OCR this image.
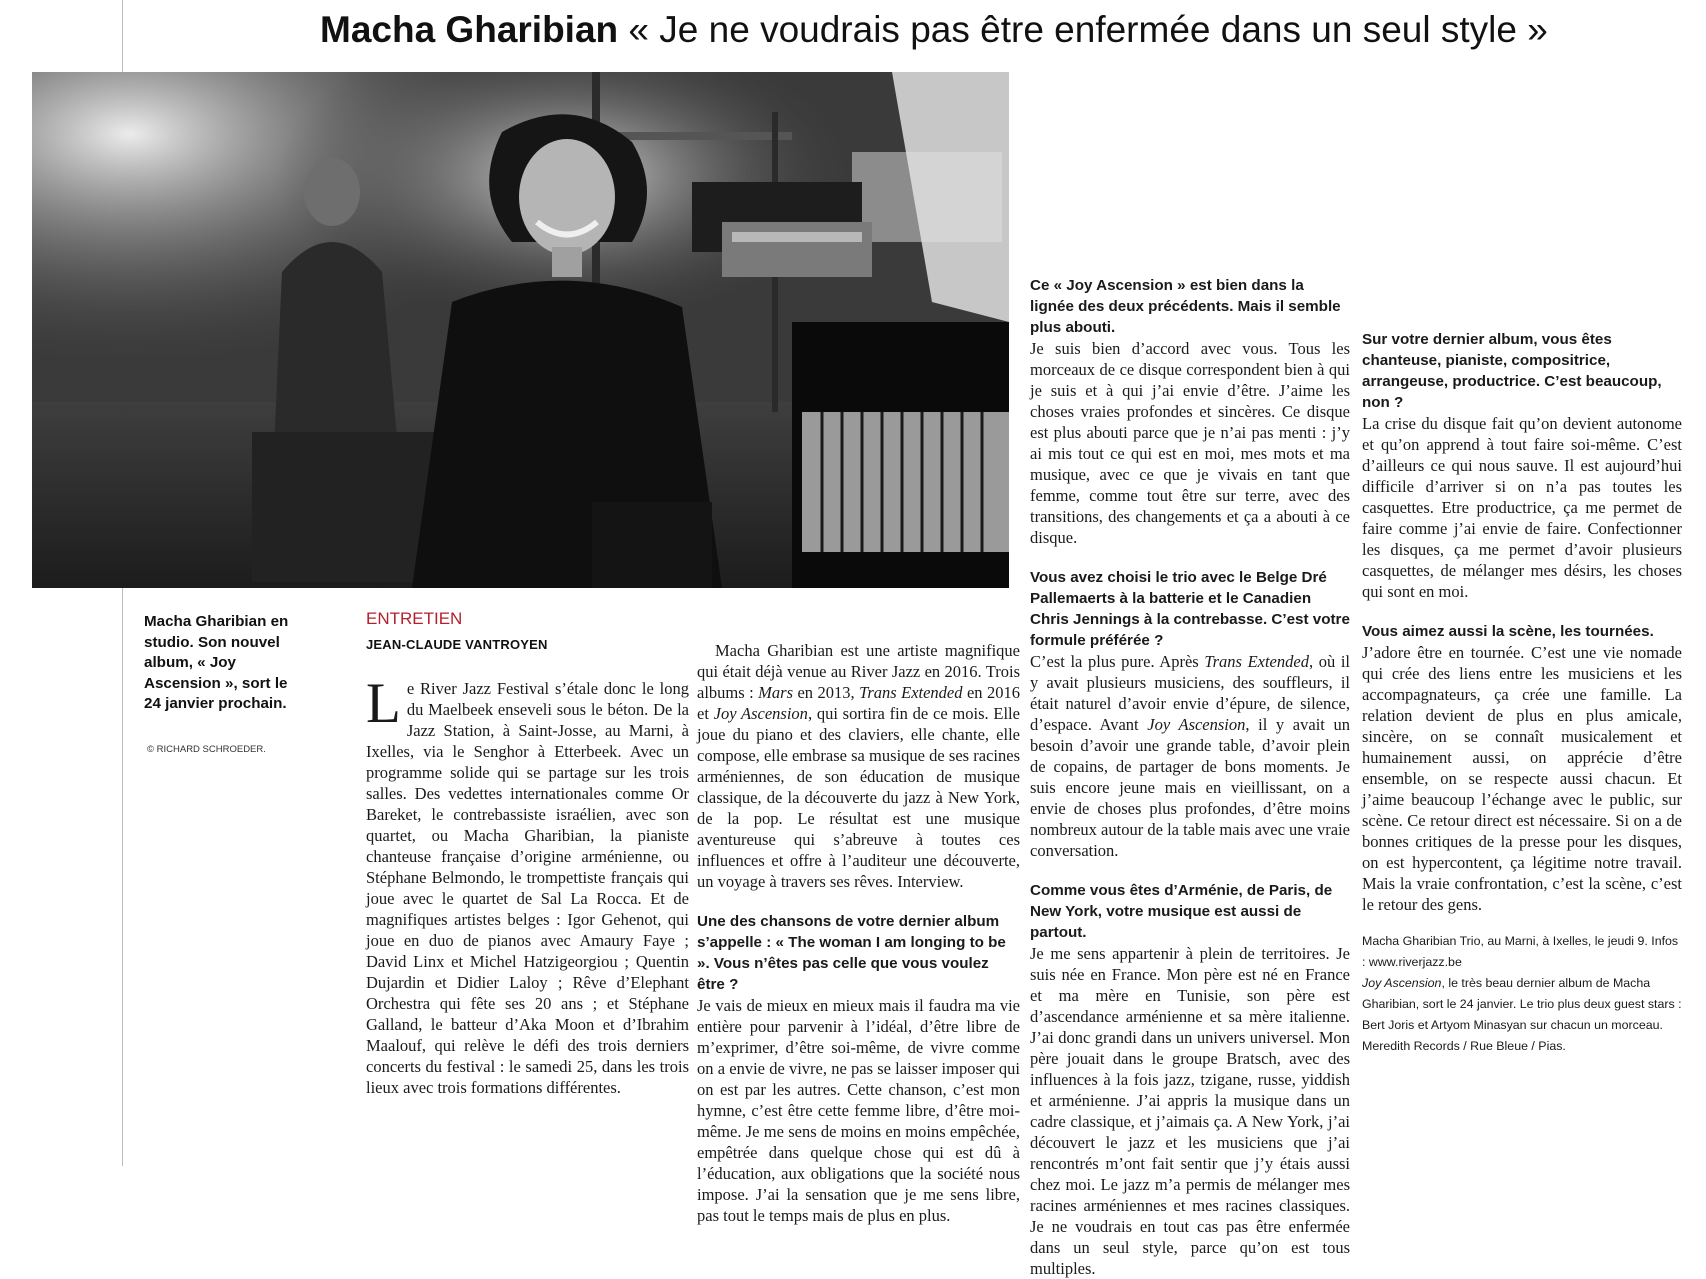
Macha Gharibian « Je ne voudrais pas être enfermée dans un seul style »
Macha Gharibian en studio. Son nouvel album, « Joy Ascension », sort le 24 janvier prochain.
© RICHARD SCHROEDER.
ENTRETIEN
JEAN-CLAUDE VANTROYEN

Le River Jazz Festival s’étale donc le long du Maelbeek enseveli sous le béton. De la Jazz Station, à Saint-Josse, au Marni, à Ixelles, via le Senghor à Etterbeek. Avec un programme solide qui se partage sur les trois salles. Des vedettes internationales comme Or Bareket, le contrebassiste israélien, avec son quartet, ou Macha Gharibian, la pianiste chanteuse française d’origine arménienne, ou Stéphane Belmondo, le trompettiste français qui joue avec le quartet de Sal La Rocca. Et de magnifiques artistes belges : Igor Gehenot, qui joue en duo de pianos avec Amaury Faye ; David Linx et Michel Hatzigeorgiou ; Quentin Dujardin et Didier Laloy ; Rêve d’Elephant Orchestra qui fête ses 20 ans ; et Stéphane Galland, le batteur d’Aka Moon et d’Ibrahim Maalouf, qui relève le défi des trois derniers concerts du festival : le samedi 25, dans les trois lieux avec trois formations différentes.

Macha Gharibian est une artiste magnifique qui était déjà venue au River Jazz en 2016. Trois albums : Mars en 2013, Trans Extended en 2016 et Joy Ascension, qui sortira fin de ce mois. Elle joue du piano et des claviers, elle chante, elle compose, elle embrase sa musique de ses racines arméniennes, de son éducation de musique classique, de la découverte du jazz à New York, de la pop. Le résultat est une musique aventureuse qui s’abreuve à toutes ces influences et offre à l’auditeur une découverte, un voyage à travers ses rêves. Interview.

Une des chansons de votre dernier album s’appelle : « The woman I am longing to be ». Vous n’êtes pas celle que vous voulez être ?

Je vais de mieux en mieux mais il faudra ma vie entière pour parvenir à l’idéal, d’être libre de m’exprimer, d’être soi-même, de vivre comme on a envie de vivre, ne pas se laisser imposer qui on est par les autres. Cette chanson, c’est mon hymne, c’est être cette femme libre, d’être moi-même. Je me sens de moins en moins empêchée, empêtrée dans quelque chose qui est dû à l’éducation, aux obligations que la société nous impose. J’ai la sensation que je me sens libre, pas tout le temps mais de plus en plus.

Ce « Joy Ascension » est bien dans la lignée des deux précédents. Mais il semble plus abouti.

Je suis bien d’accord avec vous. Tous les morceaux de ce disque correspondent bien à qui je suis et à qui j’ai envie d’être. J’aime les choses vraies profondes et sincères. Ce disque est plus abouti parce que je n’ai pas menti : j’y ai mis tout ce qui est en moi, mes mots et ma musique, avec ce que je vivais en tant que femme, comme tout être sur terre, avec des transitions, des changements et ça a abouti à ce disque.

Vous avez choisi le trio avec le Belge Dré Pallemaerts à la batterie et le Canadien Chris Jennings à la contrebasse. C’est votre formule préférée ?

C’est la plus pure. Après Trans Extended, où il y avait plusieurs musiciens, des souffleurs, il était naturel d’avoir envie d’épure, de silence, d’espace. Avant Joy Ascension, il y avait un besoin d’avoir une grande table, d’avoir plein de copains, de partager de bons moments. Je suis encore jeune mais en vieillissant, on a envie de choses plus profondes, d’être moins nombreux autour de la table mais avec une vraie conversation.

Comme vous êtes d’Arménie, de Paris, de New York, votre musique est aussi de partout.

Je me sens appartenir à plein de territoires. Je suis née en France. Mon père est né en France et ma mère en Tunisie, son père est d’ascendance arménienne et sa mère italienne. J’ai donc grandi dans un univers universel. Mon père jouait dans le groupe Bratsch, avec des influences à la fois jazz, tzigane, russe, yiddish et arménienne. J’ai appris la musique dans un cadre classique, et j’aimais ça. A New York, j’ai découvert le jazz et les musiciens que j’ai rencontrés m’ont fait sentir que j’y étais aussi chez moi. Le jazz m’a permis de mélanger mes racines arméniennes et mes racines classiques. Je ne voudrais en tout cas pas être enfermée dans un seul style, parce qu’on est tous multiples.

Sur votre dernier album, vous êtes chanteuse, pianiste, compositrice, arrangeuse, productrice. C’est beaucoup, non ?

La crise du disque fait qu’on devient autonome et qu’on apprend à tout faire soi-même. C’est d’ailleurs ce qui nous sauve. Il est aujourd’hui difficile d’arriver si on n’a pas toutes les casquettes. Etre productrice, ça me permet de faire comme j’ai envie de faire. Confectionner les disques, ça me permet d’avoir plusieurs casquettes, de mélanger mes désirs, les choses qui sont en moi.

Vous aimez aussi la scène, les tournées.

J’adore être en tournée. C’est une vie nomade qui crée des liens entre les musiciens et les accompagnateurs, ça crée une famille. La relation devient de plus en plus amicale, sincère, on se connaît musicalement et humainement aussi, on apprécie d’être ensemble, on se respecte aussi chacun. Et j’aime beaucoup l’échange avec le public, sur scène. Ce retour direct est nécessaire. Si on a de bonnes critiques de la presse pour les disques, on est hypercontent, ça légitime notre travail. Mais la vraie confrontation, c’est la scène, c’est le retour des gens.

Macha Gharibian Trio, au Marni, à Ixelles, le jeudi 9. Infos : www.riverjazz.be
Joy Ascension, le très beau dernier album de Macha Gharibian, sort le 24 janvier. Le trio plus deux guest stars : Bert Joris et Artyom Minasyan sur chacun un morceau. Meredith Records / Rue Bleue / Pias.
